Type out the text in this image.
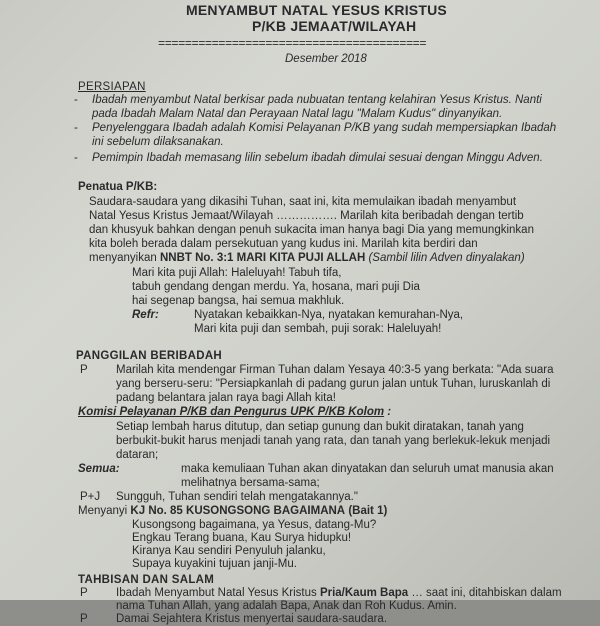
MENYAMBUT NATAL YESUS KRISTUS
P/KB JEMAAT/WILAYAH
========================================
Desember 2018
PERSIAPAN
- Ibadah menyambut Natal berkisar pada nubuatan tentang kelahiran Yesus Kristus. Nanti
pada Ibadah Malam Natal dan Perayaan Natal lagu "Malam Kudus" dinyanyikan.
- Penyelenggara Ibadah adalah Komisi Pelayanan P/KB yang sudah mempersiapkan Ibadah
ini sebelum dilaksanakan.
- Pemimpin Ibadah memasang lilin sebelum ibadah dimulai sesuai dengan Minggu Adven.
Penatua P/KB:
Saudara-saudara yang dikasihi Tuhan, saat ini, kita memulaikan ibadah menyambut
Natal Yesus Kristus Jemaat/Wilayah ……………. Marilah kita beribadah dengan tertib
dan khusyuk bahkan dengan penuh sukacita iman hanya bagi Dia yang memungkinkan
kita boleh berada dalam persekutuan yang kudus ini. Marilah kita berdiri dan
menyanyikan NNBT No. 3:1 MARI KITA PUJI ALLAH (Sambil lilin Adven dinyalakan)
Mari kita puji Allah: Haleluyah! Tabuh tifa,
tabuh gendang dengan merdu. Ya, hosana, mari puji Dia
hai segenap bangsa, hai semua makhluk.
Refr:	Nyatakan kebaikkan-Nya, nyatakan kemurahan-Nya,
Mari kita puji dan sembah, puji sorak: Haleluyah!
PANGGILAN BERIBADAH
P Marilah kita mendengar Firman Tuhan dalam Yesaya 40:3-5 yang berkata: "Ada suara
yang berseru-seru: "Persiapkanlah di padang gurun jalan untuk Tuhan, luruskanlah di
padang belantara jalan raya bagi Allah kita!
Komisi Pelayanan P/KB dan Pengurus UPK P/KB Kolom :
Setiap lembah harus ditutup, dan setiap gunung dan bukit diratakan, tanah yang
berbukit-bukit harus menjadi tanah yang rata, dan tanah yang berlekuk-lekuk menjadi
dataran;
Semua:	maka kemuliaan Tuhan akan dinyatakan dan seluruh umat manusia akan
melihatnya bersama-sama;
P+J Sungguh, Tuhan sendiri telah mengatakannya."
Menyanyi KJ No. 85 KUSONGSONG BAGAIMANA (Bait 1)
Kusongsong bagaimana, ya Yesus, datang-Mu?
Engkau Terang buana, Kau Surya hidupku!
Kiranya Kau sendiri Penyuluh jalanku,
Supaya kuyakini tujuan janji-Mu.
TAHBISAN DAN SALAM
P Ibadah Menyambut Natal Yesus Kristus Pria/Kaum Bapa … saat ini, ditahbiskan dalam
nama Tuhan Allah, yang adalah Bapa, Anak dan Roh Kudus. Amin.
P Damai Sejahtera Kristus menyertai saudara-saudara.
